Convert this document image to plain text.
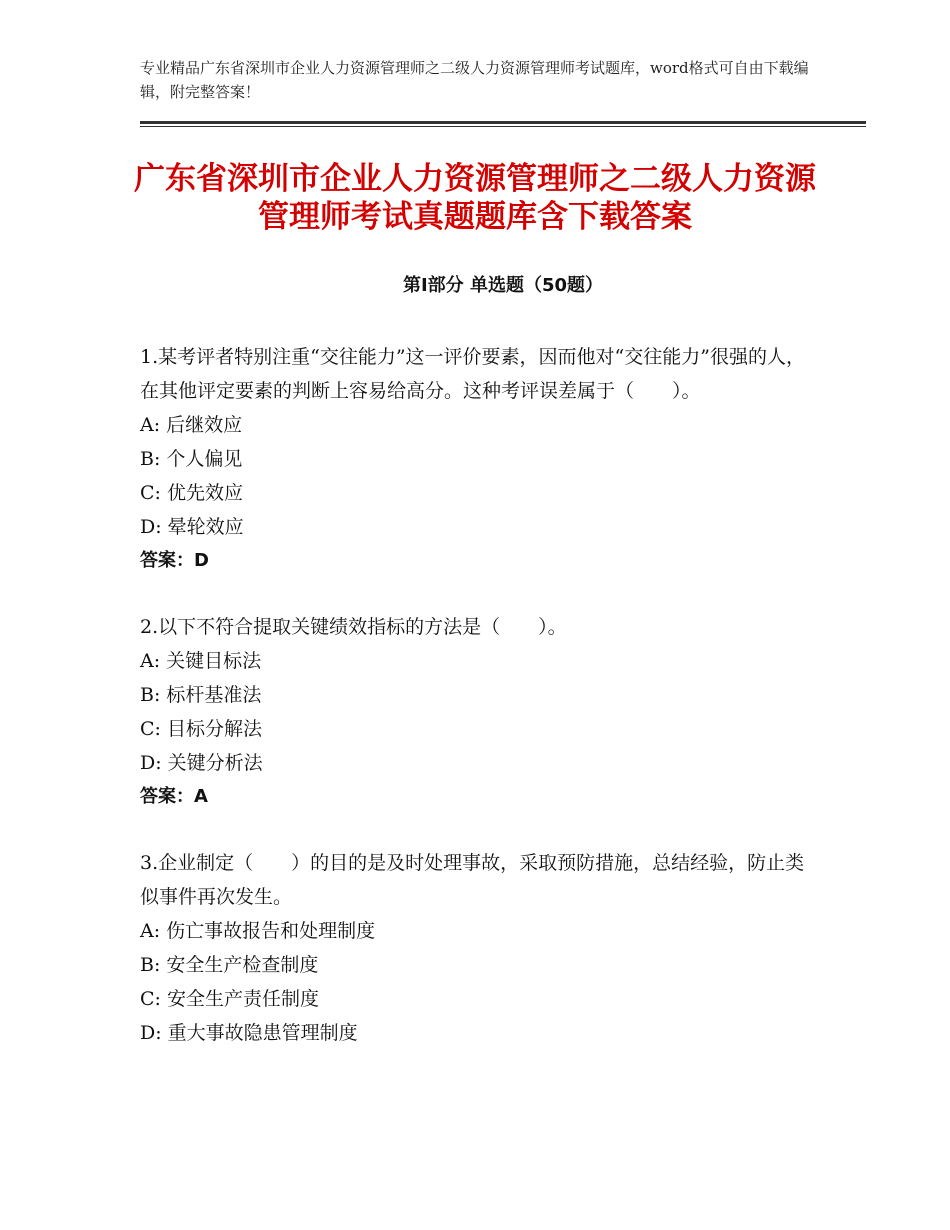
专业精品广东省深圳市企业人力资源管理师之二级人力资源管理师考试题库，word格式可自由下载编辑，附完整答案！
广东省深圳市企业人力资源管理师之二级人力资源管理师考试真题题库含下载答案
第Ⅰ部分 单选题（50题）
1.某考评者特别注重“交往能力”这一评价要素，因而他对“交往能力”很强的人，在其他评定要素的判断上容易给高分。这种考评误差属于（　　）。
A: 后继效应
B: 个人偏见
C: 优先效应
D: 晕轮效应
答案：D
2.以下不符合提取关键绩效指标的方法是（　　）。
A: 关键目标法
B: 标杆基准法
C: 目标分解法
D: 关键分析法
答案：A
3.企业制定（　　）的目的是及时处理事故，采取预防措施，总结经验，防止类似事件再次发生。
A: 伤亡事故报告和处理制度
B: 安全生产检查制度
C: 安全生产责任制度
D: 重大事故隐患管理制度
